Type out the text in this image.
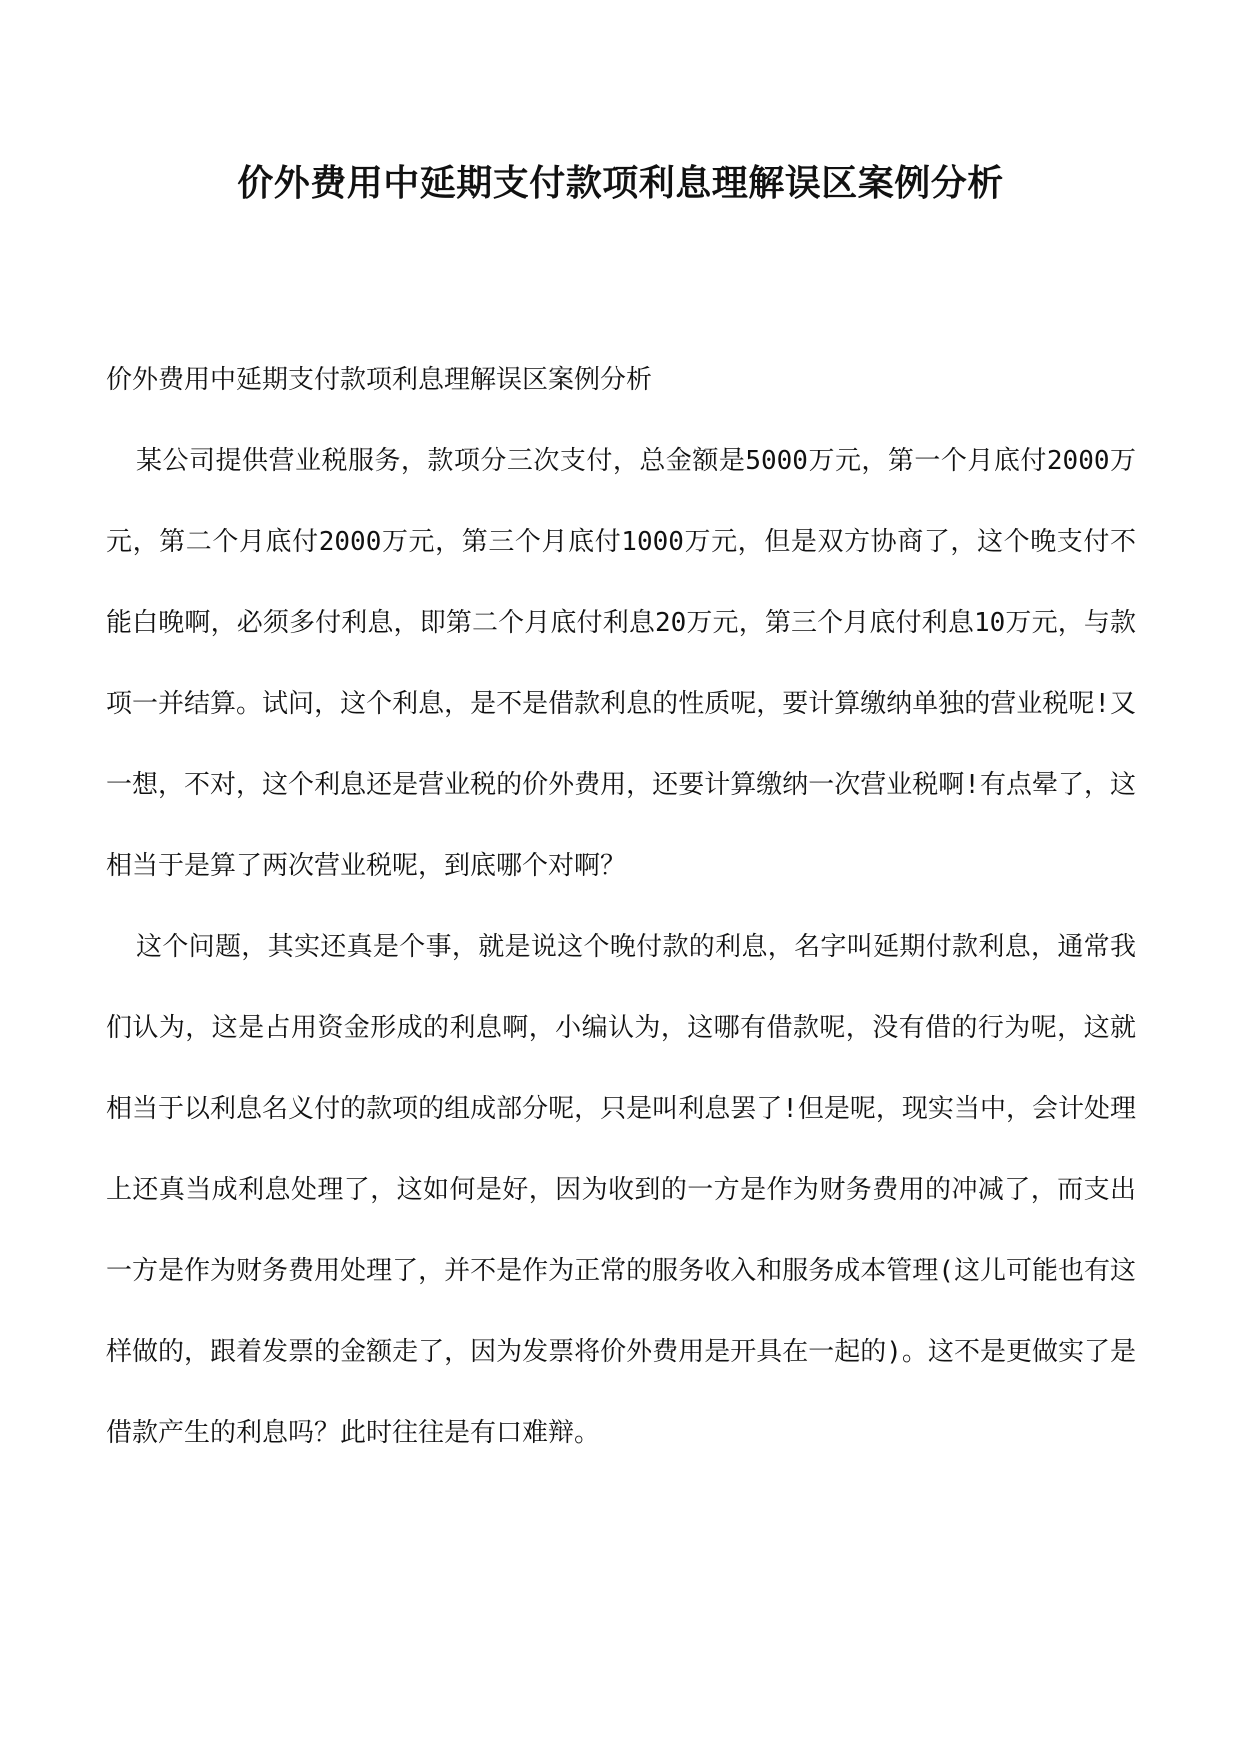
价外费用中延期支付款项利息理解误区案例分析

价外费用中延期支付款项利息理解误区案例分析

某公司提供营业税服务，款项分三次支付，总金额是5000万元，第一个月底付2000万元，第二个月底付2000万元，第三个月底付1000万元，但是双方协商了，这个晚支付不能白晚啊，必须多付利息，即第二个月底付利息20万元，第三个月底付利息10万元，与款项一并结算。试问，这个利息，是不是借款利息的性质呢，要计算缴纳单独的营业税呢!又一想，不对，这个利息还是营业税的价外费用，还要计算缴纳一次营业税啊!有点晕了，这相当于是算了两次营业税呢，到底哪个对啊？

这个问题，其实还真是个事，就是说这个晚付款的利息，名字叫延期付款利息，通常我们认为，这是占用资金形成的利息啊，小编认为，这哪有借款呢，没有借的行为呢，这就相当于以利息名义付的款项的组成部分呢，只是叫利息罢了!但是呢，现实当中，会计处理上还真当成利息处理了，这如何是好，因为收到的一方是作为财务费用的冲减了，而支出一方是作为财务费用处理了，并不是作为正常的服务收入和服务成本管理(这儿可能也有这样做的，跟着发票的金额走了，因为发票将价外费用是开具在一起的)。这不是更做实了是借款产生的利息吗？此时往往是有口难辩。
